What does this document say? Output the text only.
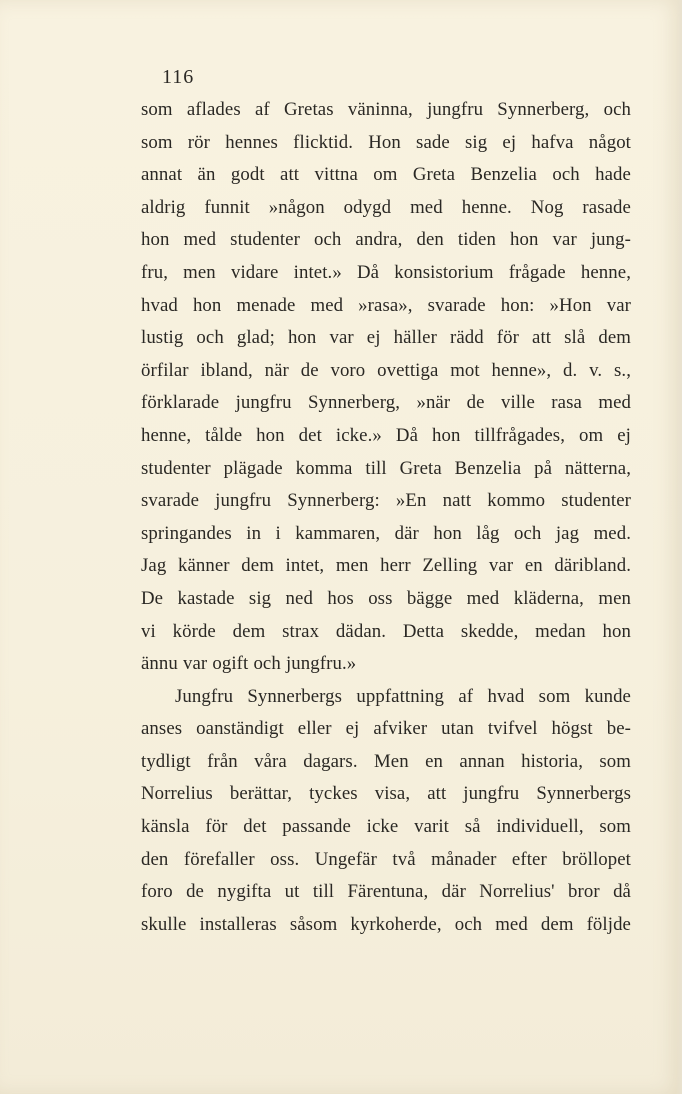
116
som aflades af Gretas väninna, jungfru Synnerberg, och
som rör hennes flicktid. Hon sade sig ej hafva något
annat än godt att vittna om Greta Benzelia och hade
aldrig funnit »någon odygd med henne. Nog rasade
hon med studenter och andra, den tiden hon var jung-
fru, men vidare intet.» Då konsistorium frågade henne,
hvad hon menade med »rasa», svarade hon: »Hon var
lustig och glad; hon var ej häller rädd för att slå dem
örfilar ibland, när de voro ovettiga mot henne», d. v. s.,
förklarade jungfru Synnerberg, »när de ville rasa med
henne, tålde hon det icke.» Då hon tillfrågades, om ej
studenter plägade komma till Greta Benzelia på nätterna,
svarade jungfru Synnerberg: »En natt kommo studenter
springandes in i kammaren, där hon låg och jag med.
Jag känner dem intet, men herr Zelling var en däribland.
De kastade sig ned hos oss bägge med kläderna, men
vi körde dem strax dädan. Detta skedde, medan hon
ännu var ogift och jungfru.»
Jungfru Synnerbergs uppfattning af hvad som kunde
anses oanständigt eller ej afviker utan tvifvel högst be-
tydligt från våra dagars. Men en annan historia, som
Norrelius berättar, tyckes visa, att jungfru Synnerbergs
känsla för det passande icke varit så individuell, som
den förefaller oss. Ungefär två månader efter bröllopet
foro de nygifta ut till Färentuna, där Norrelius' bror då
skulle installeras såsom kyrkoherde, och med dem följde
